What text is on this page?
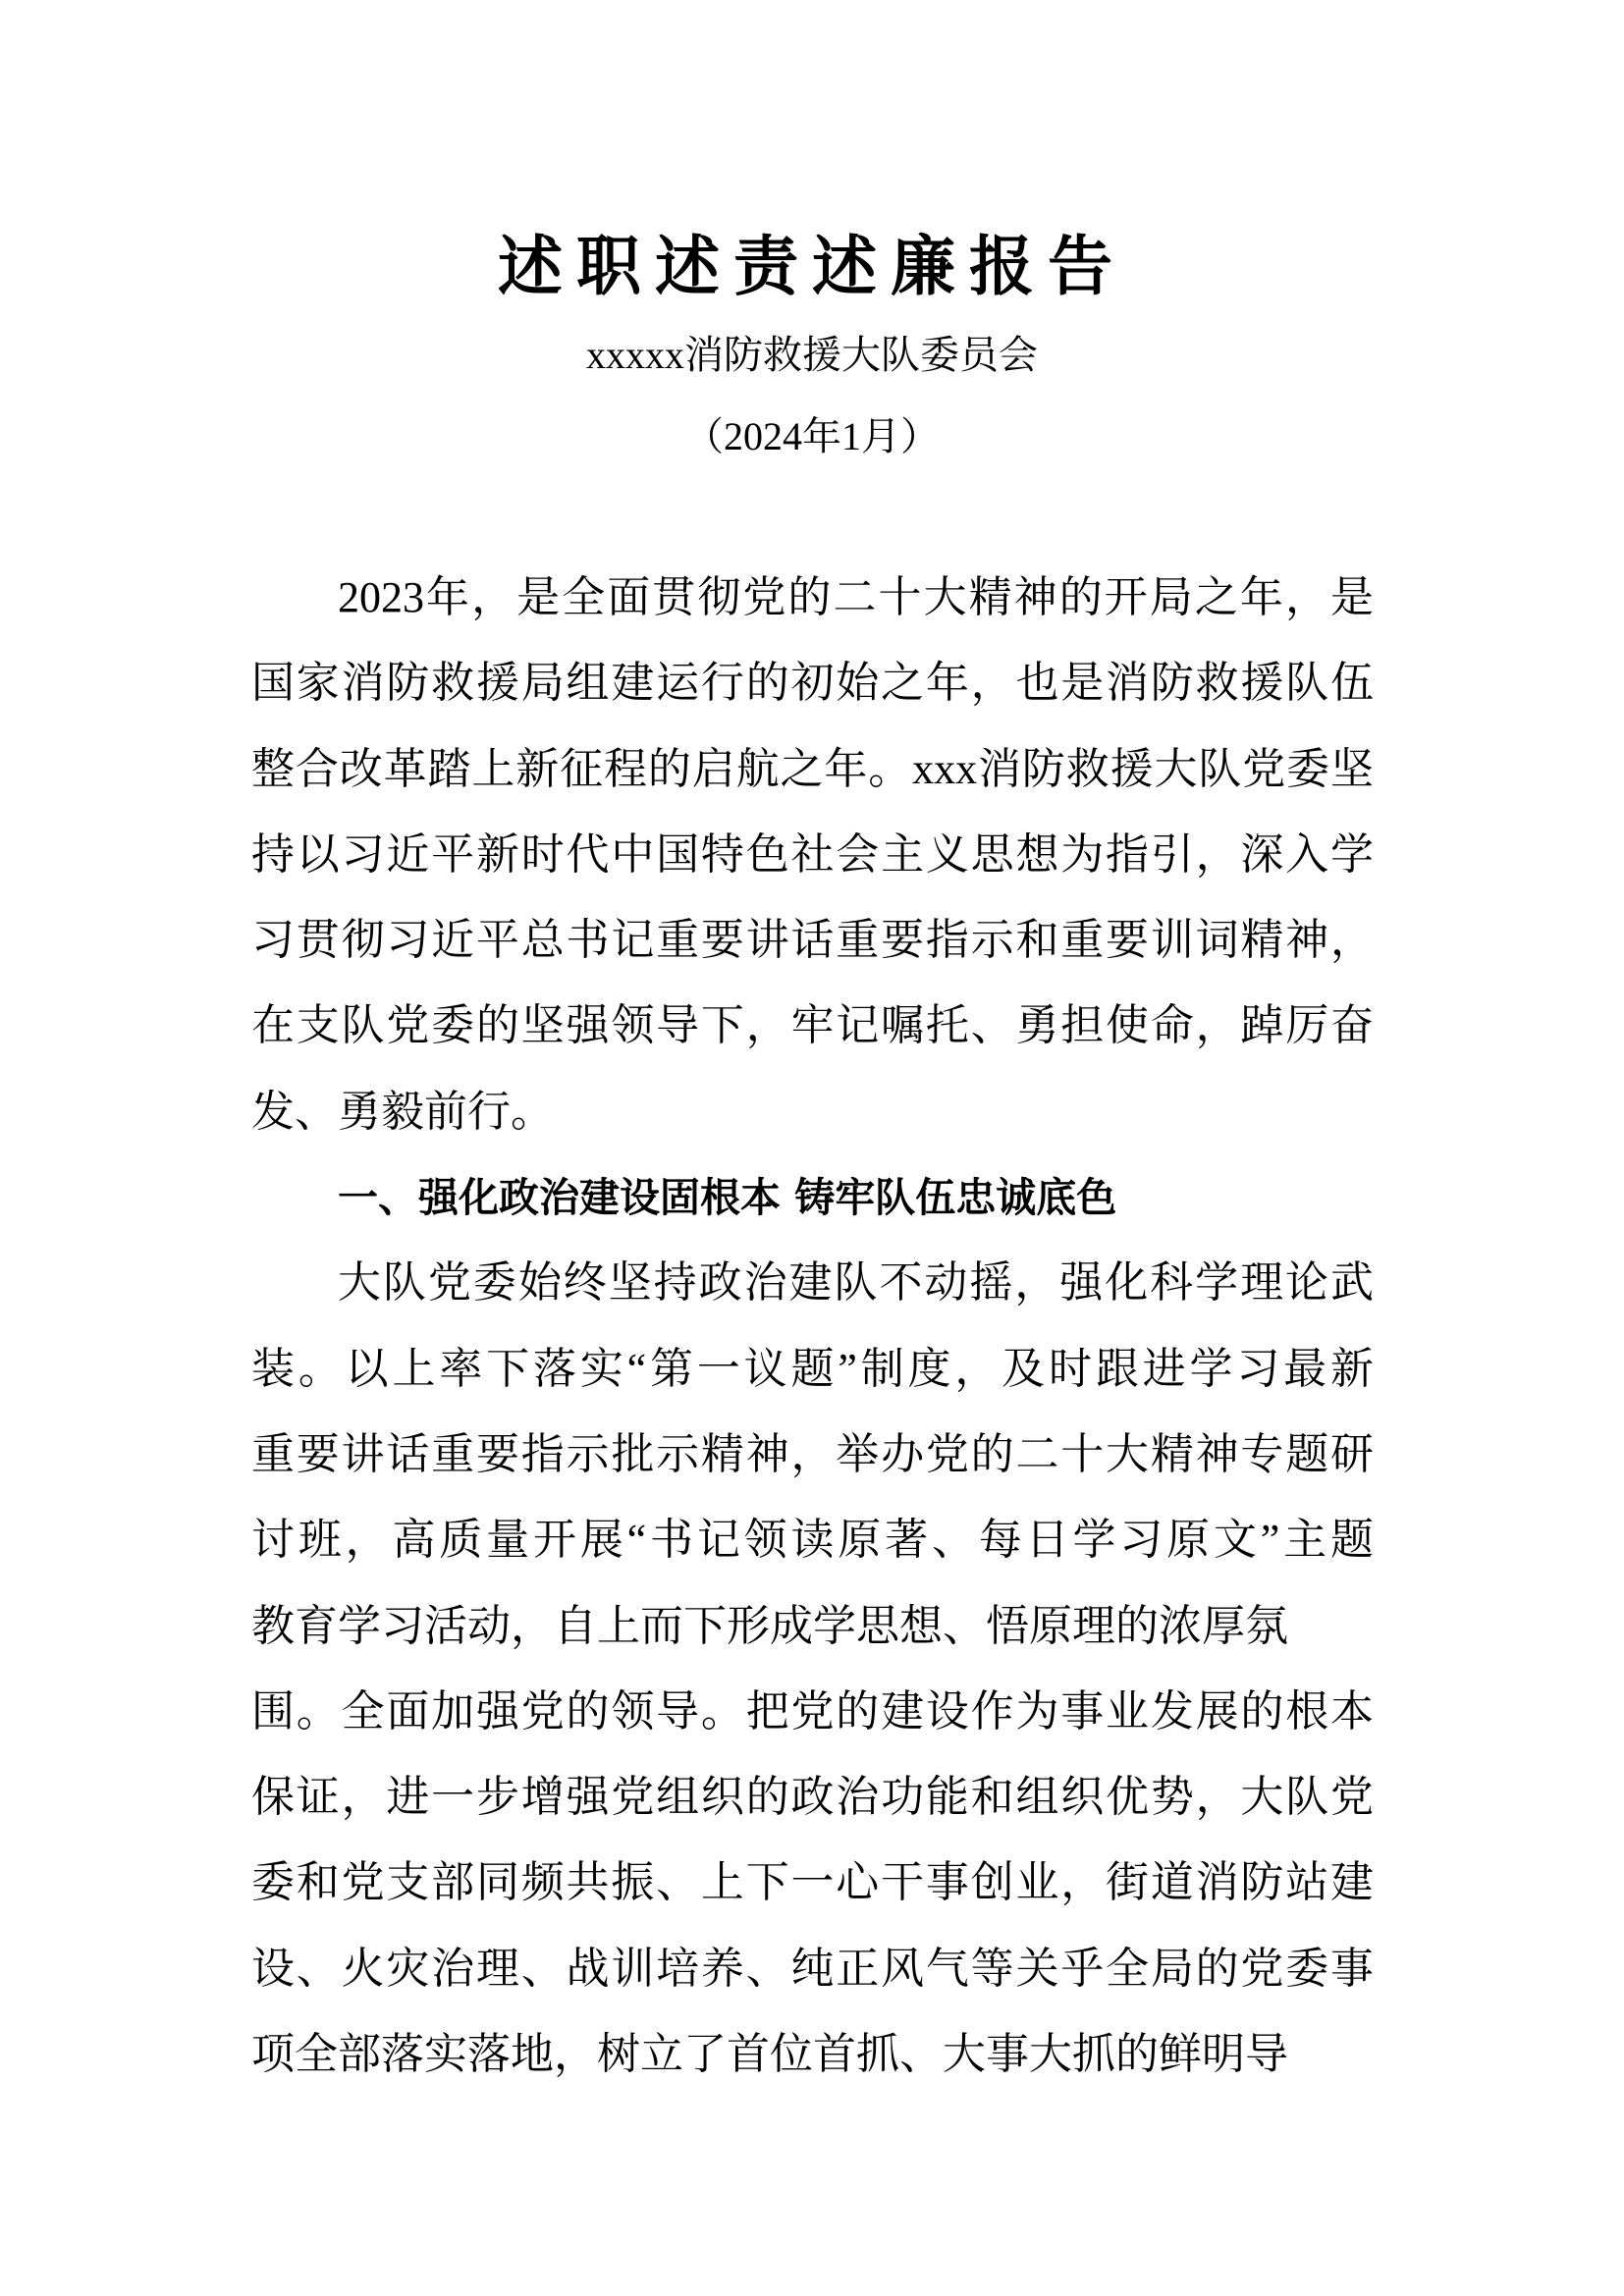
述职述责述廉报告
xxxxx消防救援大队委员会
（2024年1月）
2023年，是全面贯彻党的二十大精神的开局之年，是
国家消防救援局组建运行的初始之年，也是消防救援队伍
整合改革踏上新征程的启航之年。xxx消防救援大队党委坚
持以习近平新时代中国特色社会主义思想为指引，深入学
习贯彻习近平总书记重要讲话重要指示和重要训词精神，
在支队党委的坚强领导下，牢记嘱托、勇担使命，踔厉奋
发、勇毅前行。
一、强化政治建设固根本 铸牢队伍忠诚底色
大队党委始终坚持政治建队不动摇，强化科学理论武
装。以上率下落实“第一议题”制度，及时跟进学习最新
重要讲话重要指示批示精神，举办党的二十大精神专题研
讨班，高质量开展“书记领读原著、每日学习原文”主题
教育学习活动，自上而下形成学思想、悟原理的浓厚氛
围。全面加强党的领导。把党的建设作为事业发展的根本
保证，进一步增强党组织的政治功能和组织优势，大队党
委和党支部同频共振、上下一心干事创业，街道消防站建
设、火灾治理、战训培养、纯正风气等关乎全局的党委事
项全部落实落地，树立了首位首抓、大事大抓的鲜明导
